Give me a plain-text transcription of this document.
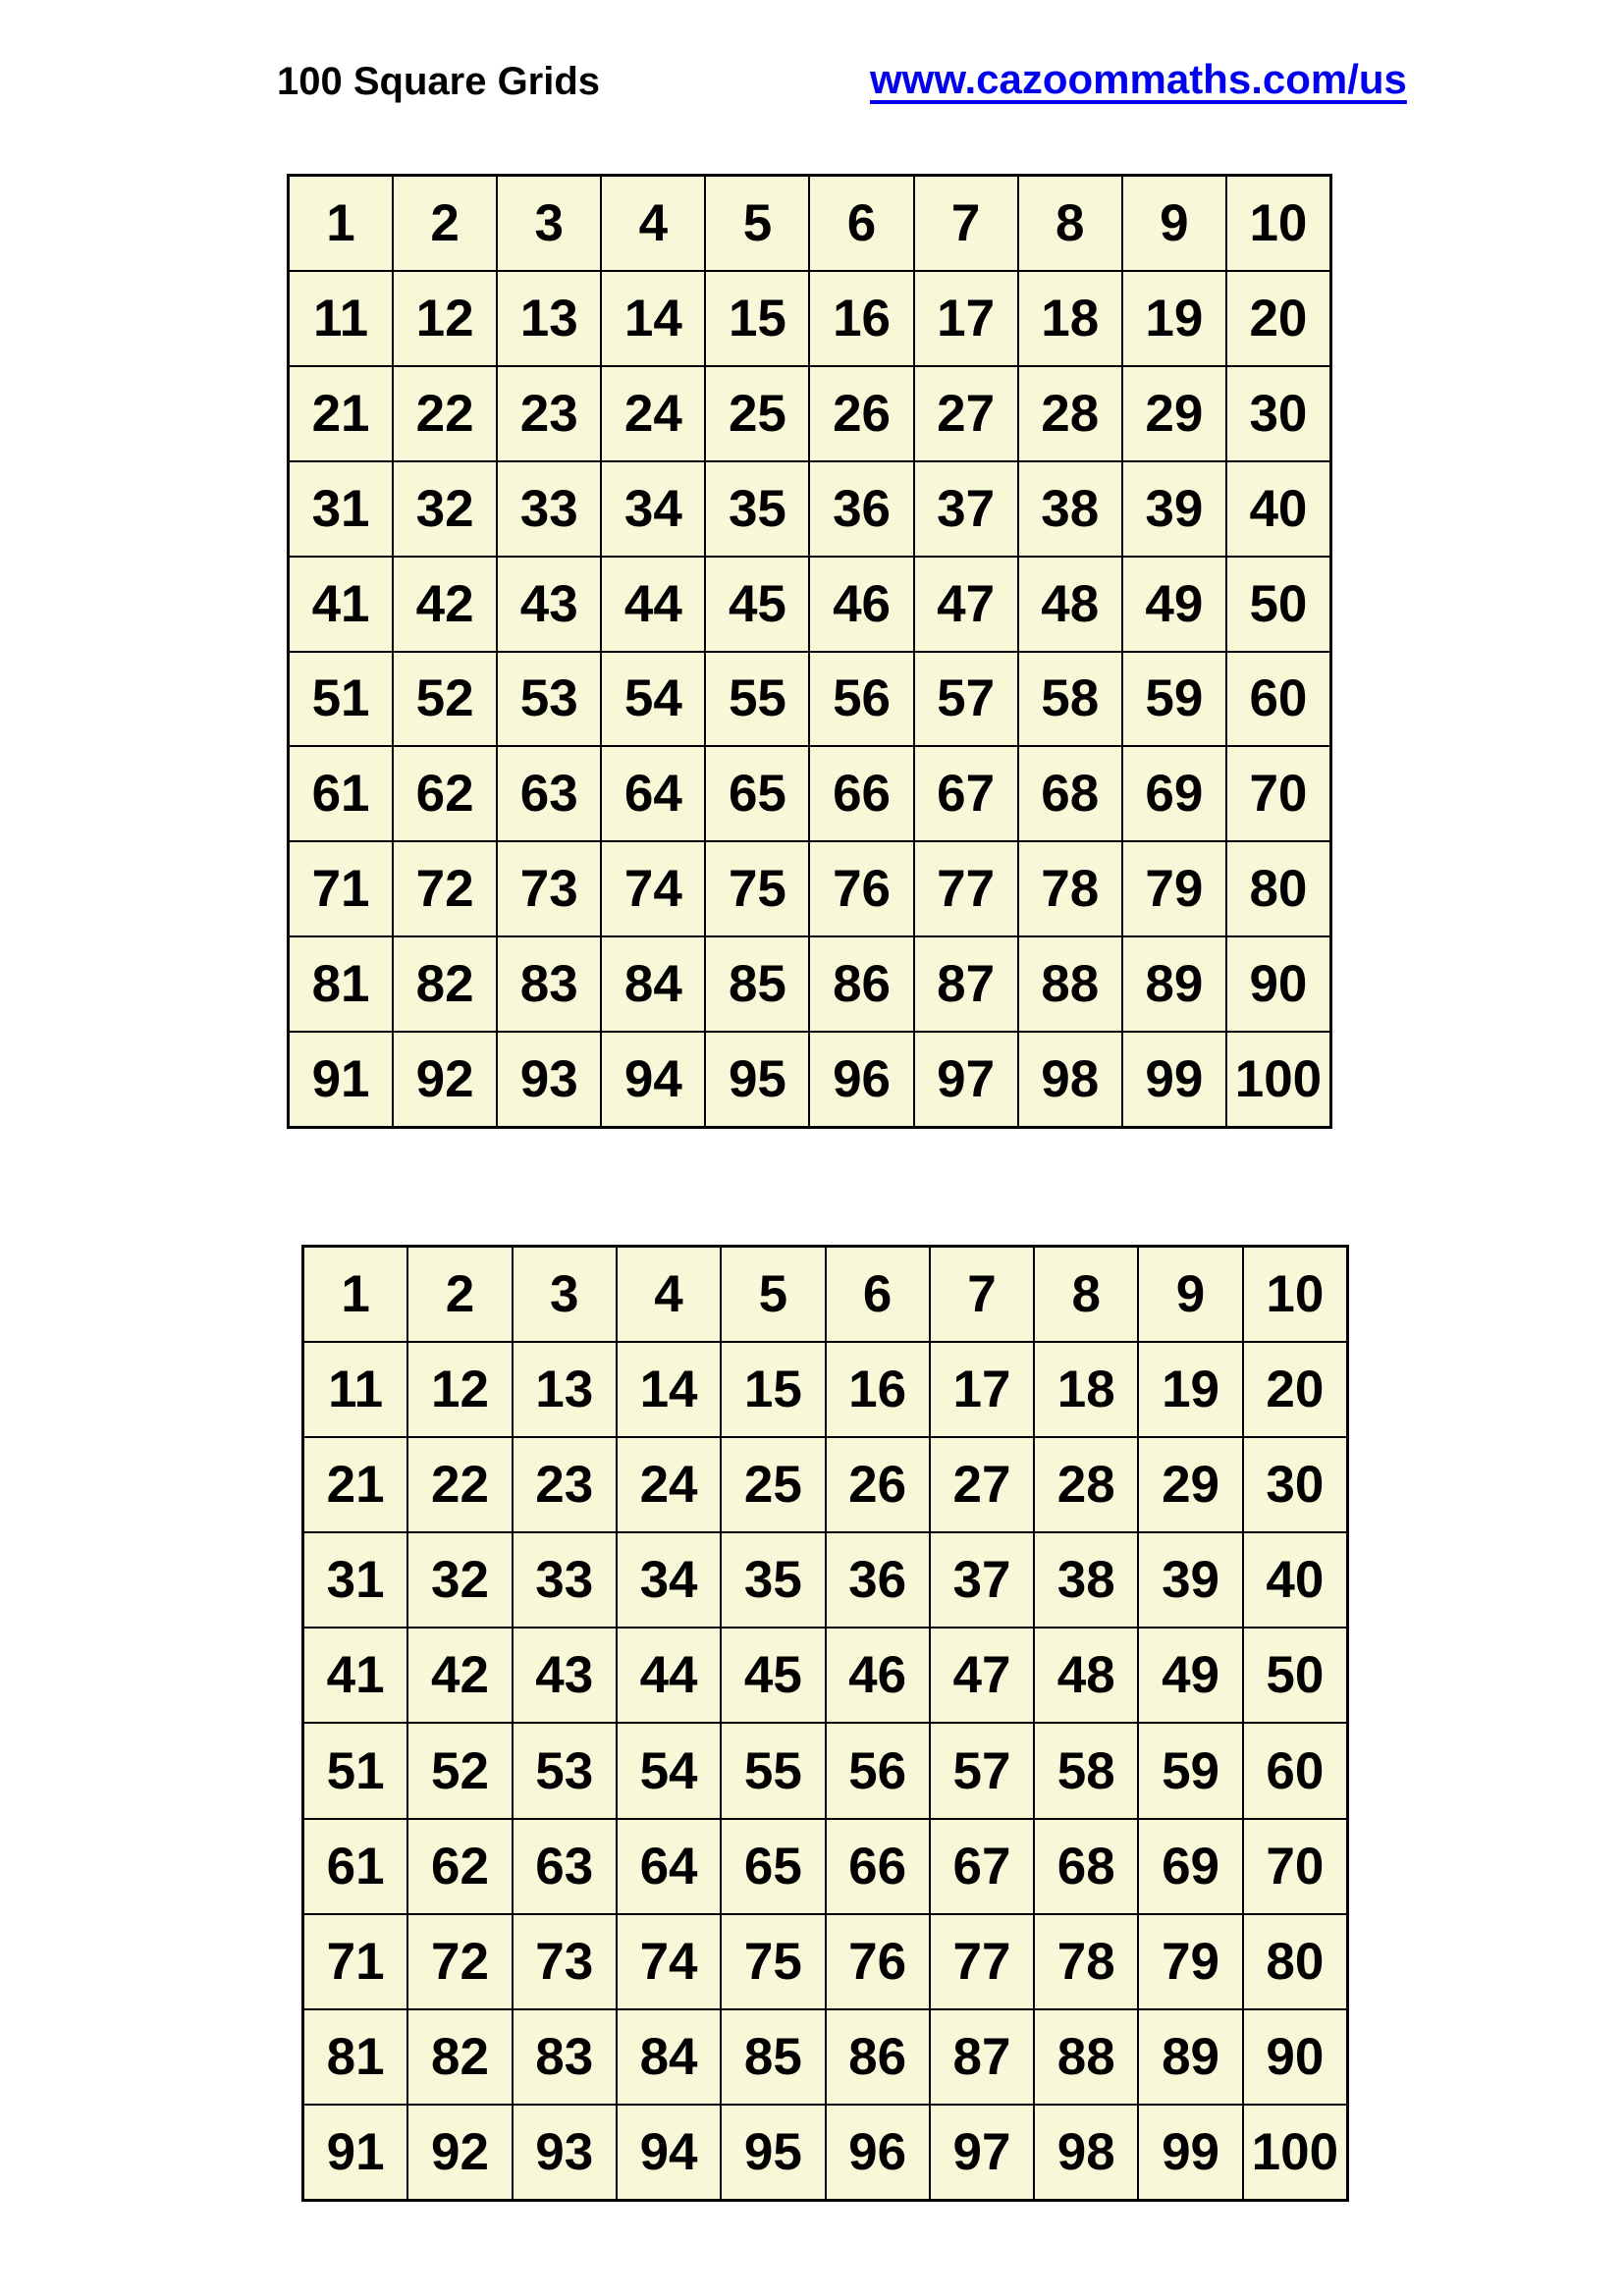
100 Square Grids	www.cazoommaths.com/us
1	2	3	4	5	6	7	8	9	10
11 12 13 14 15 16 17 18 19 20
21 22 23 24 25 26 27 28 29 30
31 32 33 34 35 36 37 38 39 40
41 42 43 44 45 46 47 48 49 50
51 52 53 54 55 56 57 58 59 60
61 62 63 64 65 66 67 68 69 70
71 72 73 74 75 76 77 78 79 80
81 82 83 84 85 86 87 88 89 90
91 92 93 94 95 96 97 98 99 100
1	2	3	4	5	6	7	8	9	10
11 12 13 14 15 16 17 18 19 20
21 22 23 24 25 26 27 28 29 30
31 32 33 34 35 36 37 38 39 40
41 42 43 44 45 46 47 48 49 50
51 52 53 54 55 56 57 58 59 60
61 62 63 64 65 66 67 68 69 70
71 72 73 74 75 76 77 78 79 80
81 82 83 84 85 86 87 88 89 90
91 92 93 94 95 96 97 98 99 100
